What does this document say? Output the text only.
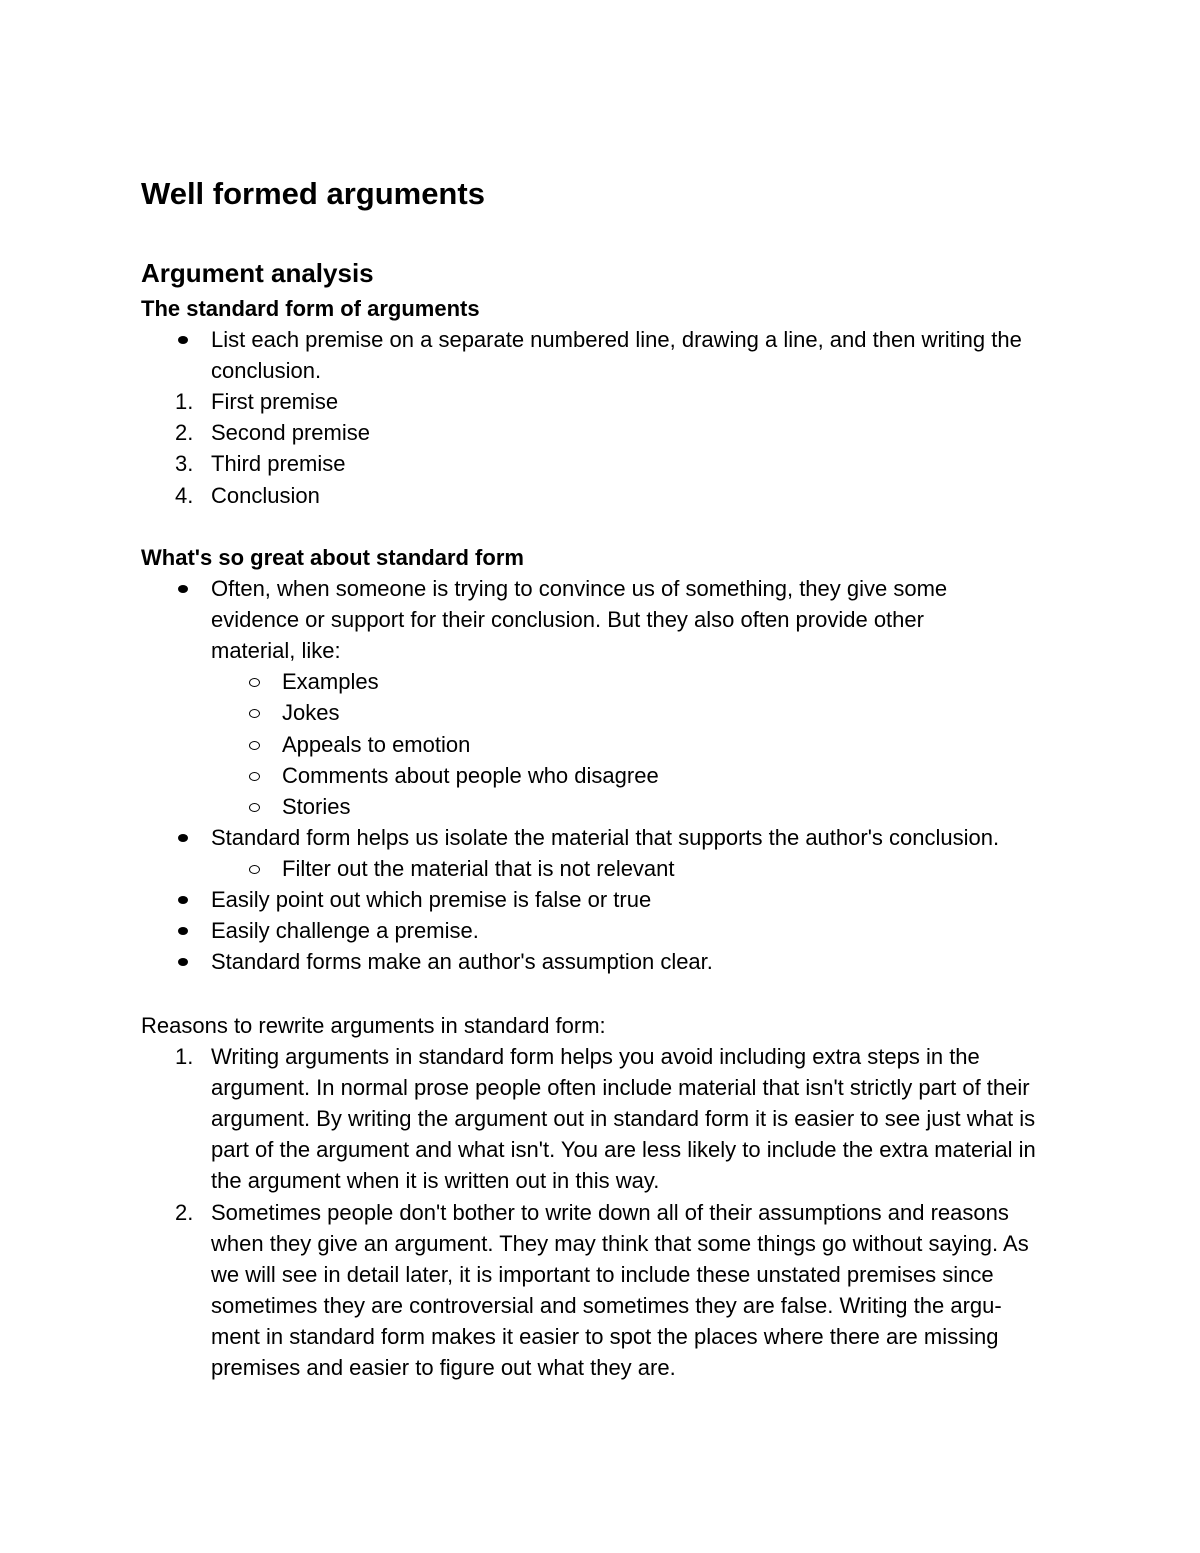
Well formed arguments
Argument analysis
The standard form of arguments
List each premise on a separate numbered line, drawing a line, and then writing the conclusion.
1. First premise
2. Second premise
3. Third premise
4. Conclusion
What's so great about standard form
Often, when someone is trying to convince us of something, they give some evidence or support for their conclusion. But they also often provide other material, like:
Examples
Jokes
Appeals to emotion
Comments about people who disagree
Stories
Standard form helps us isolate the material that supports the author's conclusion.
Filter out the material that is not relevant
Easily point out which premise is false or true
Easily challenge a premise.
Standard forms make an author's assumption clear.
Reasons to rewrite arguments in standard form:
1. Writing arguments in standard form helps you avoid including extra steps in the argument. In normal prose people often include material that isn't strictly part of their argument. By writing the argument out in standard form it is easier to see just what is part of the argument and what isn't. You are less likely to include the extra material in the argument when it is written out in this way.
2. Sometimes people don't bother to write down all of their assumptions and reasons when they give an argument. They may think that some things go without saying. As we will see in detail later, it is important to include these unstated premises since sometimes they are controversial and sometimes they are false. Writing the argu- ment in standard form makes it easier to spot the places where there are missing premises and easier to figure out what they are.
